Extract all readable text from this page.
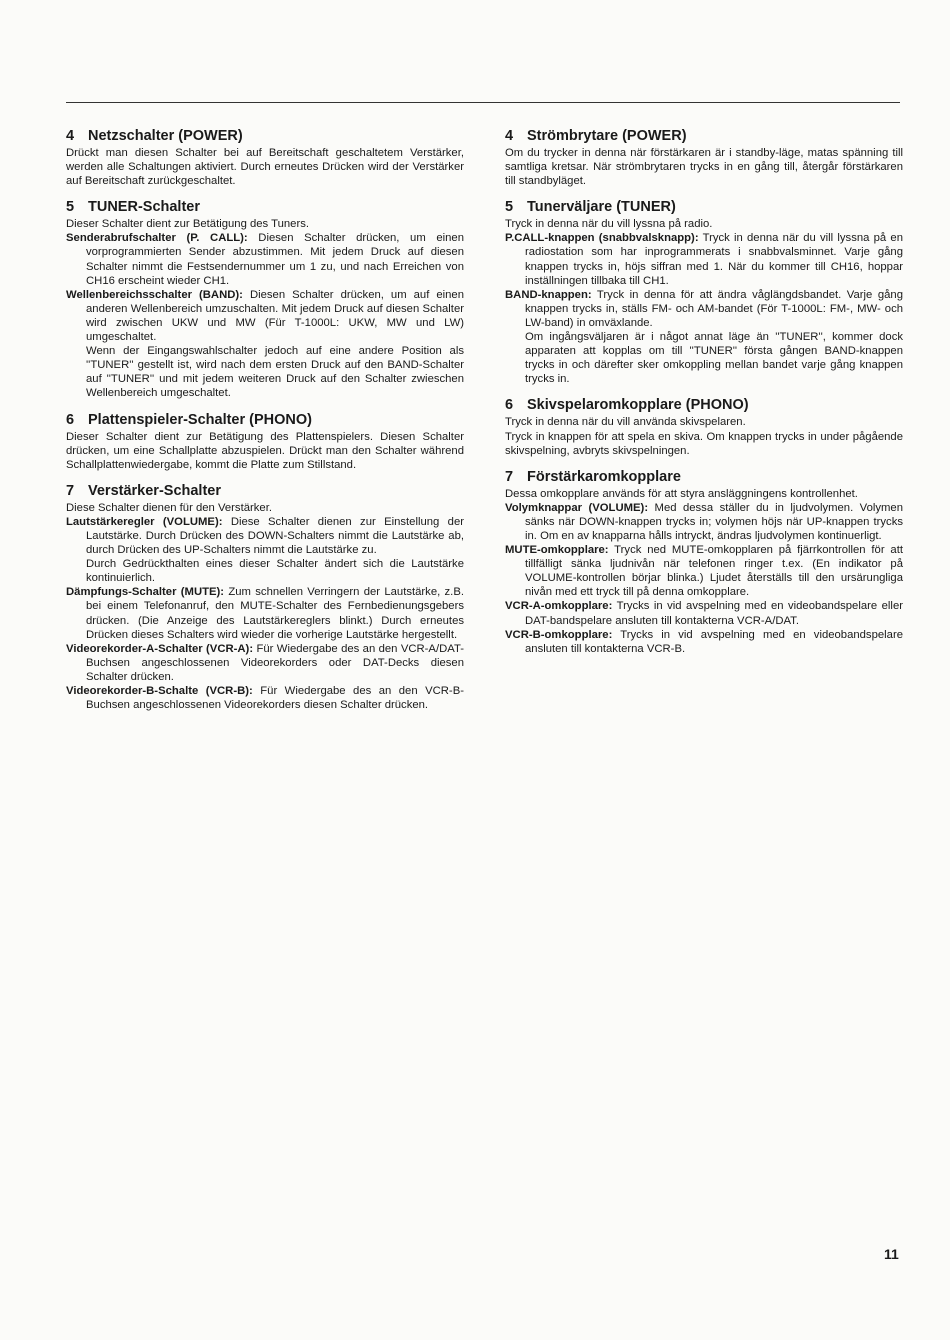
4 Netzschalter (POWER)

Drückt man diesen Schalter bei auf Bereitschaft geschaltetem Verstärker, werden alle Schaltungen aktiviert. Durch erneutes Drücken wird der Verstärker auf Bereitschaft zurückgeschaltet.

5 TUNER-Schalter

Dieser Schalter dient zur Betätigung des Tuners.

Senderabrufschalter (P. CALL): Diesen Schalter drücken, um einen vorprogrammierten Sender abzustimmen. Mit jedem Druck auf diesen Schalter nimmt die Festsendernummer um 1 zu, und nach Erreichen von CH16 erscheint wieder CH1.

Wellenbereichsschalter (BAND): Diesen Schalter drücken, um auf einen anderen Wellenbereich umzuschalten. Mit jedem Druck auf diesen Schalter wird zwischen UKW und MW (Für T-1000L: UKW, MW und LW) umgeschaltet.

Wenn der Eingangswahlschalter jedoch auf eine andere Position als ''TUNER'' gestellt ist, wird nach dem ersten Druck auf den BAND-Schalter auf ''TUNER'' und mit jedem weiteren Druck auf den Schalter zwieschen Wellenbereich umgeschaltet.

6 Plattenspieler-Schalter (PHONO)

Dieser Schalter dient zur Betätigung des Plattenspielers. Diesen Schalter drücken, um eine Schallplatte abzuspielen. Drückt man den Schalter während Schallplattenwiedergabe, kommt die Platte zum Stillstand.

7 Verstärker-Schalter

Diese Schalter dienen für den Verstärker.

Lautstärkeregler (VOLUME): Diese Schalter dienen zur Einstellung der Lautstärke. Durch Drücken des DOWN-Schalters nimmt die Lautstärke ab, durch Drücken des UP-Schalters nimmt die Lautstärke zu.

Durch Gedrückthalten eines dieser Schalter ändert sich die Lautstärke kontinuierlich.

Dämpfungs-Schalter (MUTE): Zum schnellen Verringern der Lautstärke, z.B. bei einem Telefonanruf, den MUTE-Schalter des Fernbedienungsgebers drücken. (Die Anzeige des Lautstärkereglers blinkt.) Durch erneutes Drücken dieses Schalters wird wieder die vorherige Lautstärke hergestellt.

Videorekorder-A-Schalter (VCR-A): Für Wiedergabe des an den VCR-A/DAT-Buchsen angeschlossenen Videorekorders oder DAT-Decks diesen Schalter drücken.

Videorekorder-B-Schalte (VCR-B): Für Wiedergabe des an den VCR-B-Buchsen angeschlossenen Videorekorders diesen Schalter drücken.

4 Strömbrytare (POWER)

Om du trycker in denna när förstärkaren är i standby-läge, matas spänning till samtliga kretsar. När strömbrytaren trycks in en gång till, återgår förstärkaren till standbyläget.

5 Tunerväljare (TUNER)

Tryck in denna när du vill lyssna på radio.

P.CALL-knappen (snabbvalsknapp): Tryck in denna när du vill lyssna på en radiostation som har inprogrammerats i snabbvalsminnet. Varje gång knappen trycks in, höjs siffran med 1. När du kommer till CH16, hoppar inställningen tillbaka till CH1.

BAND-knappen: Tryck in denna för att ändra våglängdsbandet. Varje gång knappen trycks in, ställs FM- och AM-bandet (För T-1000L: FM-, MW- och LW-band) in omväxlande.

Om ingångsväljaren är i något annat läge än ''TUNER'', kommer dock apparaten att kopplas om till ''TUNER'' första gången BAND-knappen trycks in och därefter sker omkoppling mellan bandet varje gång knappen trycks in.

6 Skivspelaromkopplare (PHONO)

Tryck in denna när du vill använda skivspelaren.

Tryck in knappen för att spela en skiva. Om knappen trycks in under pågående skivspelning, avbryts skivspelningen.

7 Förstärkaromkopplare

Dessa omkopplare används för att styra ansläggningens kontrollenhet.

Volymknappar (VOLUME): Med dessa ställer du in ljudvolymen. Volymen sänks när DOWN-knappen trycks in; volymen höjs när UP-knappen trycks in. Om en av knapparna hålls intryckt, ändras ljudvolymen kontinuerligt.

MUTE-omkopplare: Tryck ned MUTE-omkopplaren på fjärrkontrollen för att tillfälligt sänka ljudnivån när telefonen ringer t.ex. (En indikator på VOLUME-kontrollen börjar blinka.) Ljudet återställs till den ursärungliga nivån med ett tryck till på denna omkopplare.

VCR-A-omkopplare: Trycks in vid avspelning med en videobandspelare eller DAT-bandspelare ansluten till kontakterna VCR-A/DAT.

VCR-B-omkopplare: Trycks in vid avspelning med en videobandspelare ansluten till kontakterna VCR-B.

11
